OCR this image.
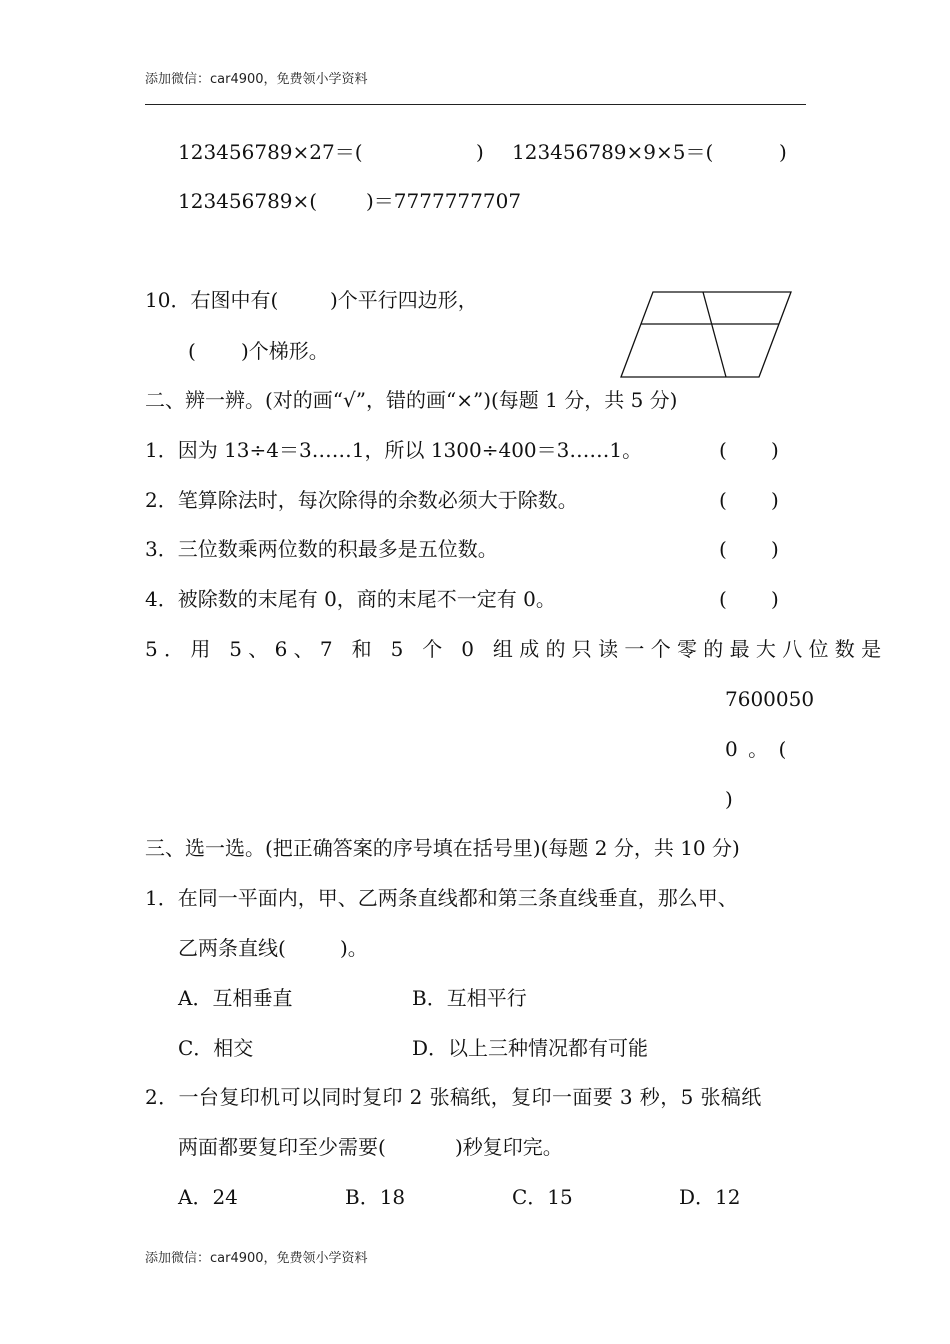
添加微信：car4900，免费领小学资料
123456789×27＝(	) 123456789×9×5＝(	)
123456789×( )＝7777777707
10．右图中有(	)个平行四边形，
( )个梯形。
二、辨一辨。(对的画“√”，错的画“×”)(每题 1 分，共 5 分)
1．因为 13÷4＝3……1，所以 1300÷400＝3……1。	( )
2．笔算除法时，每次除得的余数必须大于除数。	( )
3．三位数乘两位数的积最多是五位数。	( )
4．被除数的末尾有 0，商的末尾不一定有 0。	( )
5．用 5、6、7 和 5 个 0 组成的只读一个零的最大八位数是
7600050
0 。 (
)
三、选一选。(把正确答案的序号填在括号里)(每题 2 分，共 10 分)
1．在同一平面内，甲、乙两条直线都和第三条直线垂直，那么甲、
乙两条直线(	)。
A．互相垂直	B．互相平行
C．相交	D．以上三种情况都有可能
2．一台复印机可以同时复印 2 张稿纸，复印一面要 3 秒，5 张稿纸
两面都要复印至少需要(	)秒复印完。
A．24	B．18	C．15	D．12
添加微信：car4900，免费领小学资料
